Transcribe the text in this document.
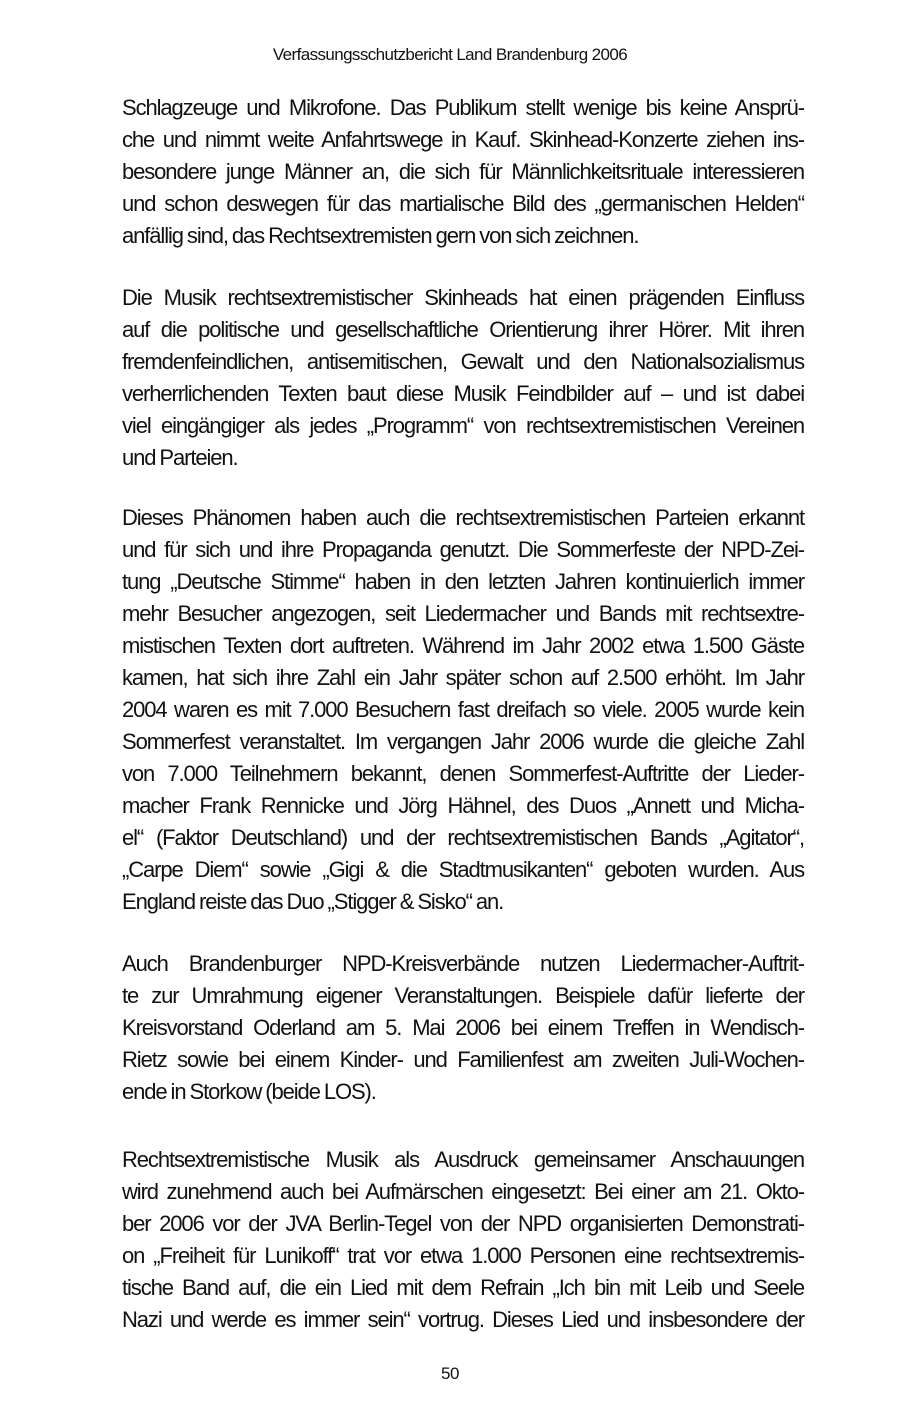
Verfassungsschutzbericht Land Brandenburg 2006
Schlagzeuge und Mikrofone. Das Publikum stellt wenige bis keine Ansprü-
che und nimmt weite Anfahrtswege in Kauf. Skinhead-Konzerte ziehen ins-
besondere junge Männer an, die sich für Männlichkeitsrituale interessieren
und schon deswegen für das martialische Bild des „germanischen Helden“
anfällig sind, das Rechtsextremisten gern von sich zeichnen.
Die Musik rechtsextremistischer Skinheads hat einen prägenden Einfluss
auf die politische und gesellschaftliche Orientierung ihrer Hörer. Mit ihren
fremdenfeindlichen, antisemitischen, Gewalt und den Nationalsozialismus
verherrlichenden Texten baut diese Musik Feindbilder auf – und ist dabei
viel eingängiger als jedes „Programm“ von rechtsextremistischen Vereinen
und Parteien.
Dieses Phänomen haben auch die rechtsextremistischen Parteien erkannt
und für sich und ihre Propaganda genutzt. Die Sommerfeste der NPD-Zei-
tung „Deutsche Stimme“ haben in den letzten Jahren kontinuierlich immer
mehr Besucher angezogen, seit Liedermacher und Bands mit rechtsextre-
mistischen Texten dort auftreten. Während im Jahr 2002 etwa 1.500 Gäste
kamen, hat sich ihre Zahl ein Jahr später schon auf 2.500 erhöht. Im Jahr
2004 waren es mit 7.000 Besuchern fast dreifach so viele. 2005 wurde kein
Sommerfest veranstaltet. Im vergangen Jahr 2006 wurde die gleiche Zahl
von 7.000 Teilnehmern bekannt, denen Sommerfest-Auftritte der Lieder-
macher Frank Rennicke und Jörg Hähnel, des Duos „Annett und Micha-
el“ (Faktor Deutschland) und der rechtsextremistischen Bands „Agitator“,
„Carpe Diem“ sowie „Gigi & die Stadtmusikanten“ geboten wurden. Aus
England reiste das Duo „Stigger & Sisko“ an.
Auch Brandenburger NPD-Kreisverbände nutzen Liedermacher-Auftrit-
te zur Umrahmung eigener Veranstaltungen. Beispiele dafür lieferte der
Kreisvorstand Oderland am 5. Mai 2006 bei einem Treffen in Wendisch-
Rietz sowie bei einem Kinder- und Familienfest am zweiten Juli-Wochen-
ende in Storkow (beide LOS).
Rechtsextremistische Musik als Ausdruck gemeinsamer Anschauungen
wird zunehmend auch bei Aufmärschen eingesetzt: Bei einer am 21. Okto-
ber 2006 vor der JVA Berlin-Tegel von der NPD organisierten Demonstrati-
on „Freiheit für Lunikoff“ trat vor etwa 1.000 Personen eine rechtsextremis-
tische Band auf, die ein Lied mit dem Refrain „Ich bin mit Leib und Seele
Nazi und werde es immer sein“ vortrug. Dieses Lied und insbesondere der
50
